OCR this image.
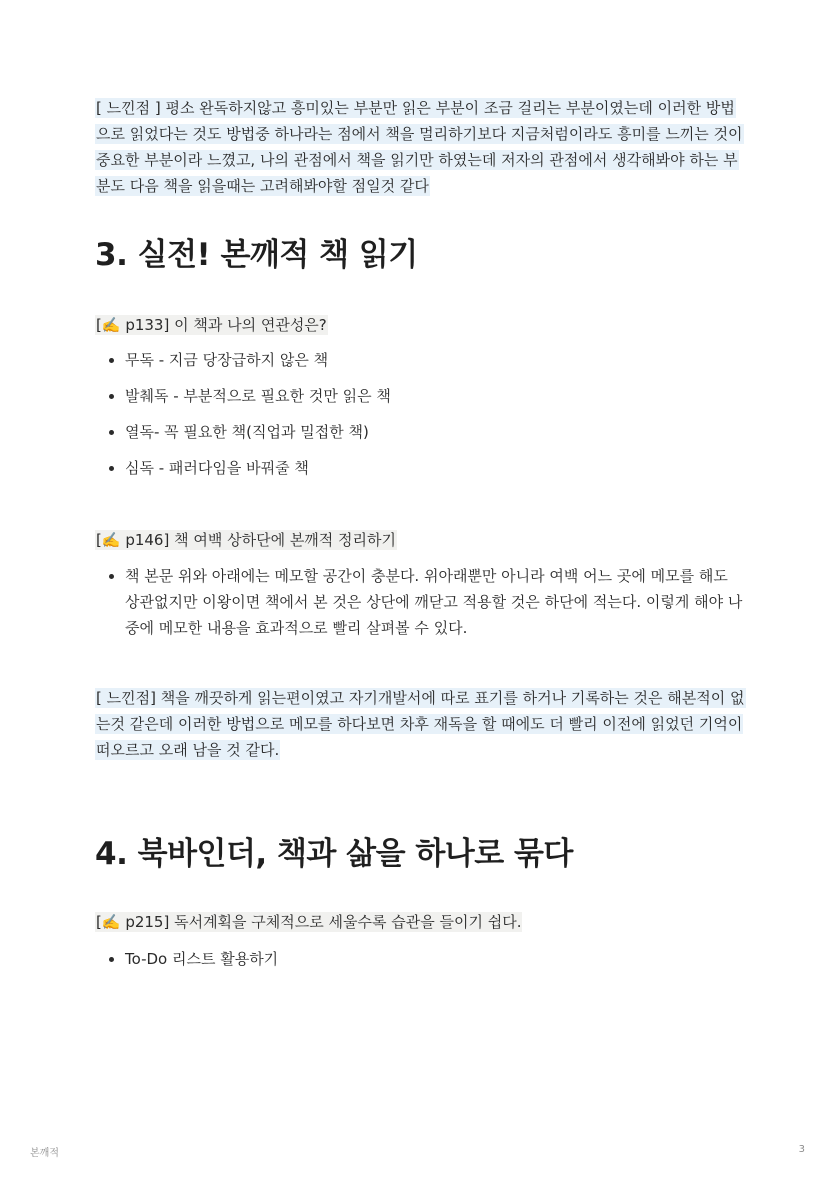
[ 느낀점 ] 평소 완독하지않고 흥미있는 부분만 읽은 부분이 조금 걸리는 부분이였는데 이러한 방법으로 읽었다는 것도 방법중 하나라는 점에서 책을 멀리하기보다 지금처럼이라도 흥미를 느끼는 것이 중요한 부분이라 느꼈고, 나의 관점에서 책을 읽기만 하였는데 저자의 관점에서 생각해봐야 하는 부분도 다음 책을 읽을때는 고려해봐야할 점일것 같다
3. 실전! 본깨적 책 읽기
[✍️ p133] 이 책과 나의 연관성은?
• 무독 - 지금 당장급하지 않은 책
• 발췌독 - 부분적으로 필요한 것만 읽은 책
• 열독- 꼭 필요한 책(직업과 밀접한 책)
• 심독 - 패러다임을 바꿔줄 책
[✍️ p146] 책 여백 상하단에 본깨적 정리하기
• 책 본문 위와 아래에는 메모할 공간이 충분다. 위아래뿐만 아니라 여백 어느 곳에 메모를 해도 상관없지만 이왕이면 책에서 본 것은 상단에 깨닫고 적용할 것은 하단에 적는다. 이렇게 해야 나중에 메모한 내용을 효과적으로 빨리 살펴볼 수 있다.
[ 느낀점] 책을 깨끗하게 읽는편이였고 자기개발서에 따로 표기를 하거나 기록하는 것은 해본적이 없는것 같은데 이러한 방법으로 메모를 하다보면 차후 재독을 할 때에도 더 빨리 이전에 읽었던 기억이 떠오르고 오래 남을 것 같다.
4. 북바인더, 책과 삶을 하나로 묶다
[✍️ p215] 독서계획을 구체적으로 세울수록 습관을 들이기 쉽다.
• To-Do 리스트 활용하기
본깨적	3
